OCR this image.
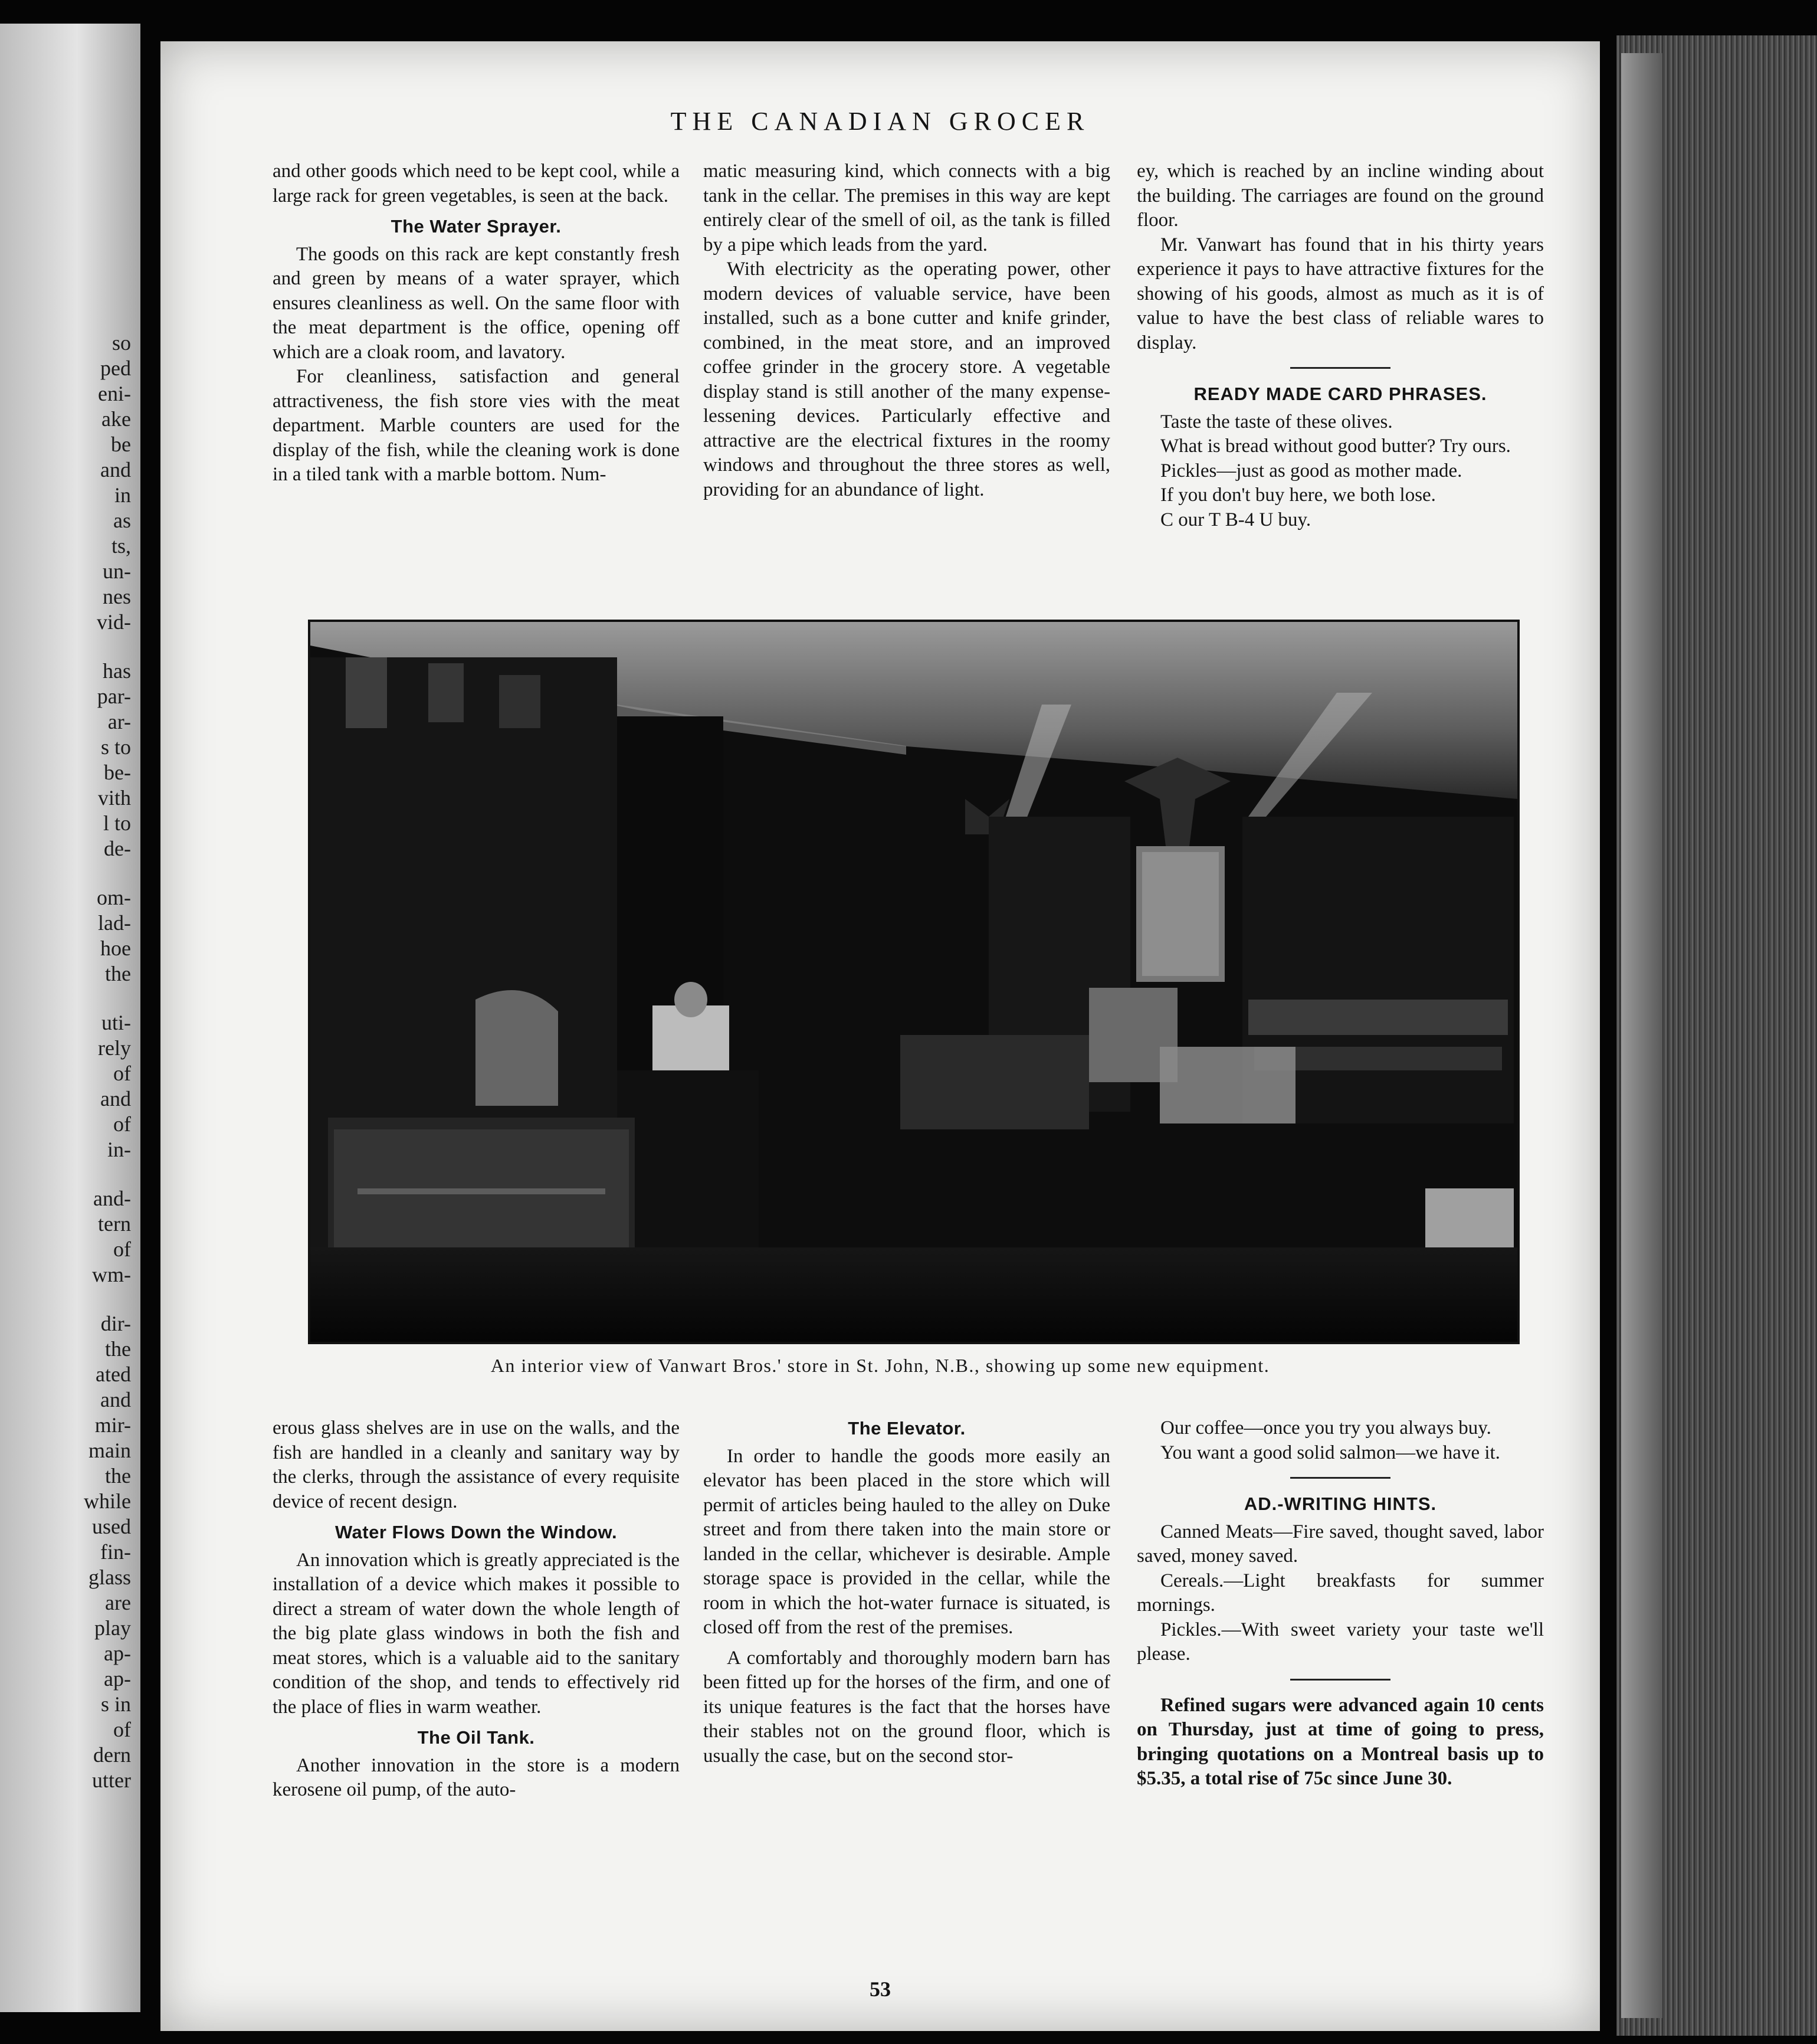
so
ped
eni-
ake
be
and
in
as
ts,
un-
nes
vid-
has
par-
ar-
s to
be-
vith
l to
de-
om-
lad-
hoe
the
uti-
rely
of
and
of
in-
and-
tern
of
wm-
dir-
the
ated
and
mir-
main
the
while
used
fin-
glass
are
play
ap-
ap-
s in
of
dern
utter
THE CANADIAN GROCER

and other goods which need to be kept cool, while a large rack for green vegetables, is seen at the back.

The Water Sprayer.

The goods on this rack are kept constantly fresh and green by means of a water sprayer, which ensures cleanliness as well. On the same floor with the meat department is the office, opening off which are a cloak room, and lavatory.

For cleanliness, satisfaction and general attractiveness, the fish store vies with the meat department. Marble counters are used for the display of the fish, while the cleaning work is done in a tiled tank with a marble bottom. Num-

matic measuring kind, which connects with a big tank in the cellar. The premises in this way are kept entirely clear of the smell of oil, as the tank is filled by a pipe which leads from the yard.

With electricity as the operating power, other modern devices of valuable service, have been installed, such as a bone cutter and knife grinder, combined, in the meat store, and an improved coffee grinder in the grocery store. A vegetable display stand is still another of the many expense-lessening devices. Particularly effective and attractive are the electrical fixtures in the roomy windows and throughout the three stores as well, providing for an abundance of light.

ey, which is reached by an incline winding about the building. The carriages are found on the ground floor.

Mr. Vanwart has found that in his thirty years experience it pays to have attractive fixtures for the showing of his goods, almost as much as it is of value to have the best class of reliable wares to display.

READY MADE CARD PHRASES.

Taste the taste of these olives.

What is bread without good butter? Try ours.

Pickles—just as good as mother made.

If you don't buy here, we both lose.

C our T B-4 U buy.

An interior view of Vanwart Bros.' store in St. John, N.B., showing up some new equipment.

erous glass shelves are in use on the walls, and the fish are handled in a cleanly and sanitary way by the clerks, through the assistance of every requisite device of recent design.

Water Flows Down the Window.

An innovation which is greatly appreciated is the installation of a device which makes it possible to direct a stream of water down the whole length of the big plate glass windows in both the fish and meat stores, which is a valuable aid to the sanitary condition of the shop, and tends to effectively rid the place of flies in warm weather.

The Oil Tank.

Another innovation in the store is a modern kerosene oil pump, of the auto-

The Elevator.

In order to handle the goods more easily an elevator has been placed in the store which will permit of articles being hauled to the alley on Duke street and from there taken into the main store or landed in the cellar, whichever is desirable. Ample storage space is provided in the cellar, while the room in which the hot-water furnace is situated, is closed off from the rest of the premises.

A comfortably and thoroughly modern barn has been fitted up for the horses of the firm, and one of its unique features is the fact that the horses have their stables not on the ground floor, which is usually the case, but on the second stor-

Our coffee—once you try you always buy.

You want a good solid salmon—we have it.

AD.-WRITING HINTS.

Canned Meats—Fire saved, thought saved, labor saved, money saved.

Cereals.—Light breakfasts for summer mornings.

Pickles.—With sweet variety your taste we'll please.

Refined sugars were advanced again 10 cents on Thursday, just at time of going to press, bringing quotations on a Montreal basis up to $5.35, a total rise of 75c since June 30.

53
